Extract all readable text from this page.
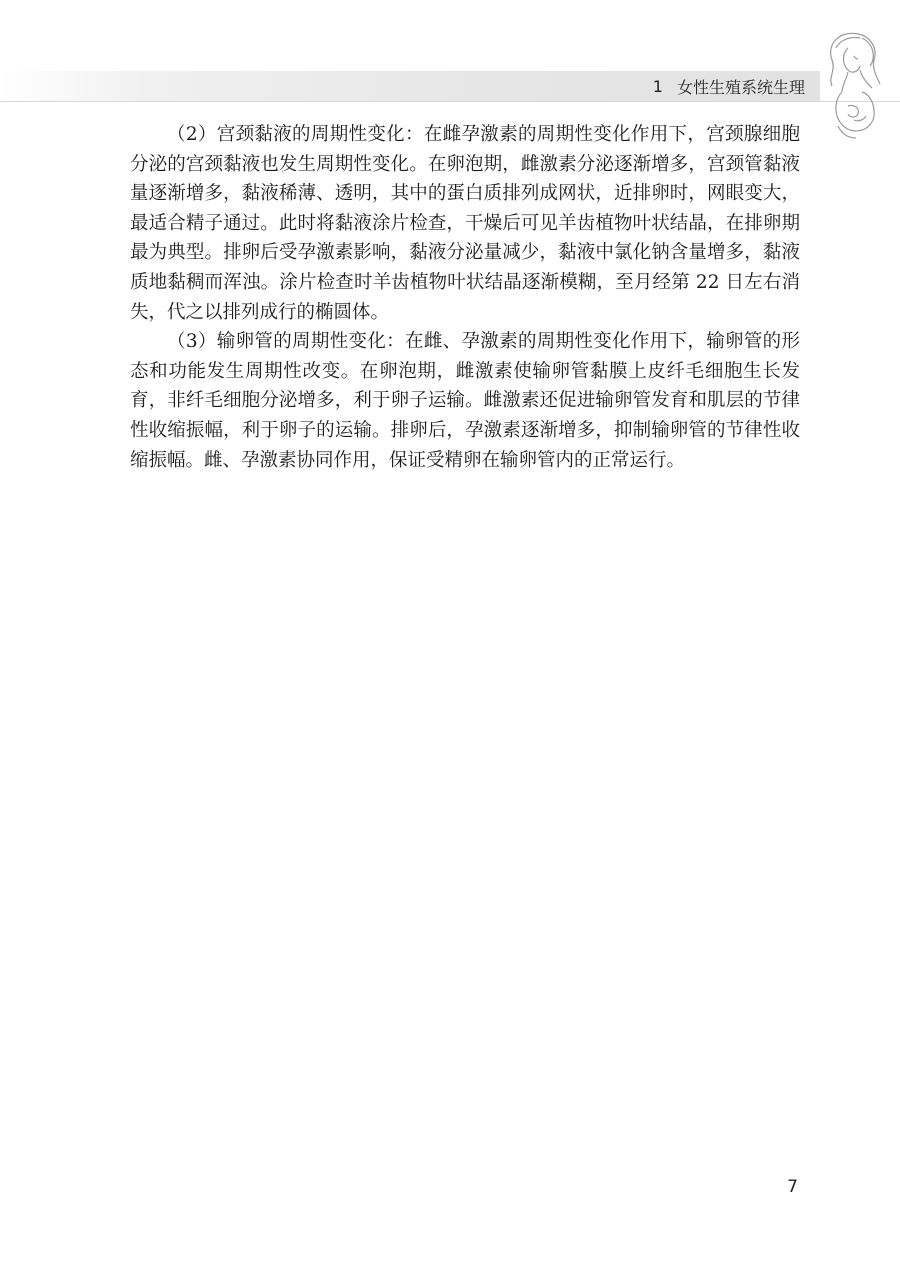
1 女性生殖系统生理

（2）宫颈黏液的周期性变化：在雌孕激素的周期性变化作用下，宫颈腺细胞分泌的宫颈黏液也发生周期性变化。在卵泡期，雌激素分泌逐渐增多，宫颈管黏液量逐渐增多，黏液稀薄、透明，其中的蛋白质排列成网状，近排卵时，网眼变大，最适合精子通过。此时将黏液涂片检查，干燥后可见羊齿植物叶状结晶，在排卵期最为典型。排卵后受孕激素影响，黏液分泌量减少，黏液中氯化钠含量增多，黏液质地黏稠而浑浊。涂片检查时羊齿植物叶状结晶逐渐模糊，至月经第 22 日左右消失，代之以排列成行的椭圆体。

（3）输卵管的周期性变化：在雌、孕激素的周期性变化作用下，输卵管的形态和功能发生周期性改变。在卵泡期，雌激素使输卵管黏膜上皮纤毛细胞生长发育，非纤毛细胞分泌增多，利于卵子运输。雌激素还促进输卵管发育和肌层的节律性收缩振幅，利于卵子的运输。排卵后，孕激素逐渐增多，抑制输卵管的节律性收缩振幅。雌、孕激素协同作用，保证受精卵在输卵管内的正常运行。

7
